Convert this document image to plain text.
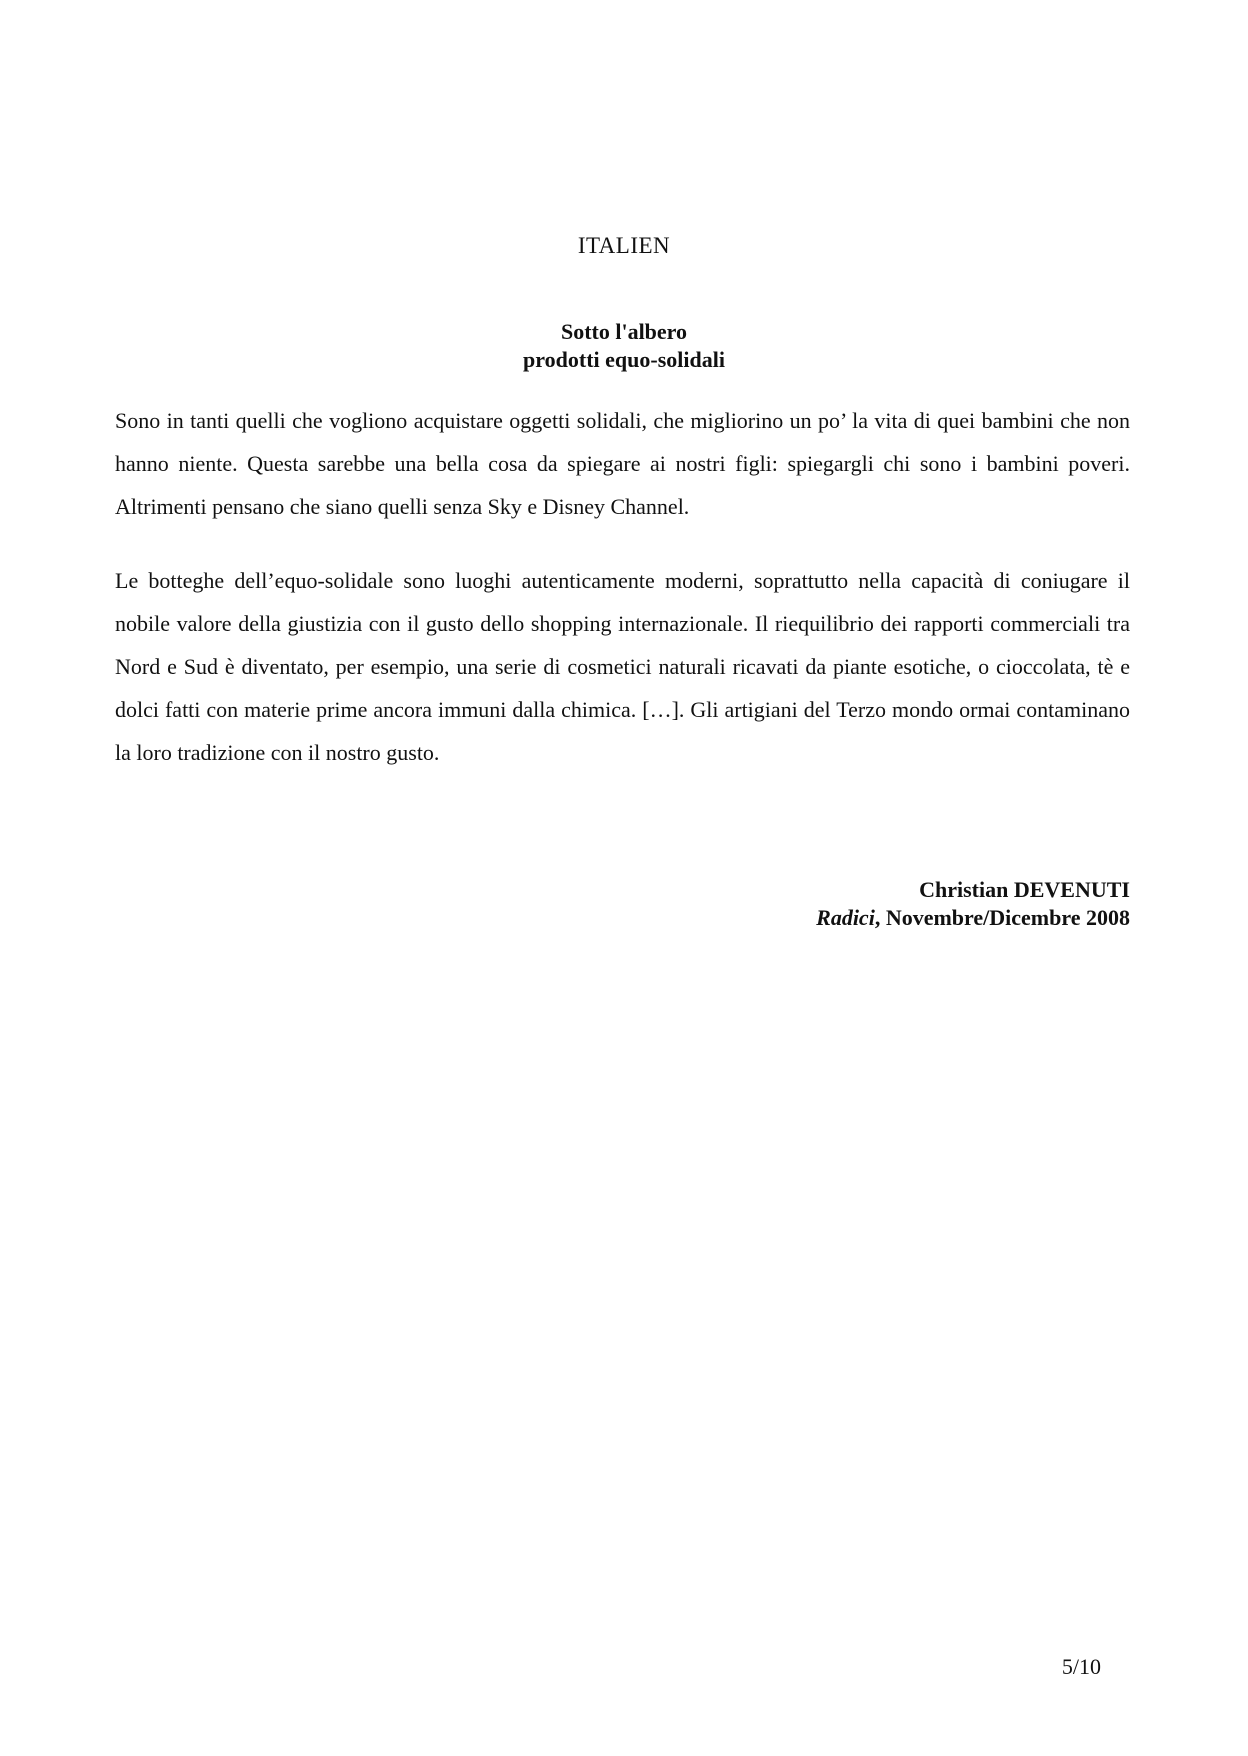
ITALIEN
Sotto l'albero
prodotti equo-solidali

Sono in tanti quelli che vogliono acquistare oggetti solidali, che migliorino un po’ la vita di quei bambini che non hanno niente. Questa sarebbe una bella cosa da spiegare ai nostri figli: spiegargli chi sono i bambini poveri. Altrimenti pensano che siano quelli senza Sky e Disney Channel.

Le botteghe dell’equo-solidale sono luoghi autenticamente moderni, soprattutto nella capacità di coniugare il nobile valore della giustizia con il gusto dello shopping internazionale. Il riequilibrio dei rapporti commerciali tra Nord e Sud è diventato, per esempio, una serie di cosmetici naturali ricavati da piante esotiche, o cioccolata, tè e dolci fatti con materie prime ancora immuni dalla chimica. […]. Gli artigiani del Terzo mondo ormai contaminano la loro tradizione con il nostro gusto.

Christian DEVENUTI
Radici, Novembre/Dicembre 2008
5/10
